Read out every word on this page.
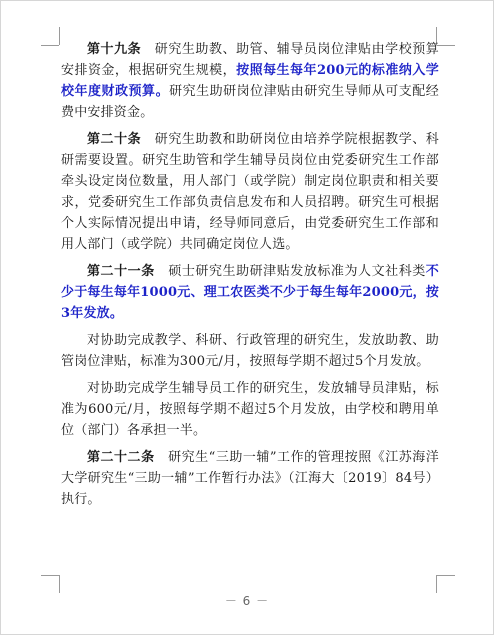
第十九条　 研究生助教、助管、辅导员岗位津贴由学校预算安排资金，根据研究生规模，按照每生每年200元的标准纳入学校年度财政预算。研究生助研岗位津贴由研究生导师从可支配经费中安排资金。

第二十条　 研究生助教和助研岗位由培养学院根据教学、科研需要设置。研究生助管和学生辅导员岗位由党委研究生工作部牵头设定岗位数量，用人部门（或学院）制定岗位职责和相关要求，党委研究生工作部负责信息发布和人员招聘。研究生可根据个人实际情况提出申请，经导师同意后，由党委研究生工作部和用人部门（或学院）共同确定岗位人选。

第二十一条　 硕士研究生助研津贴发放标准为人文社科类不少于每生每年1000元、理工农医类不少于每生每年2000元，按3年发放。

对协助完成教学、科研、行政管理的研究生，发放助教、助管岗位津贴，标准为300元/月，按照每学期不超过5个月发放。

对协助完成学生辅导员工作的研究生，发放辅导员津贴，标准为600元/月，按照每学期不超过5个月发放，由学校和聘用单位（部门）各承担一半。

第二十二条　 研究生“三助一辅”工作的管理按照《江苏海洋大学研究生“三助一辅”工作暂行办法》（江海大〔2019〕84号）执行。

－ 6 －
